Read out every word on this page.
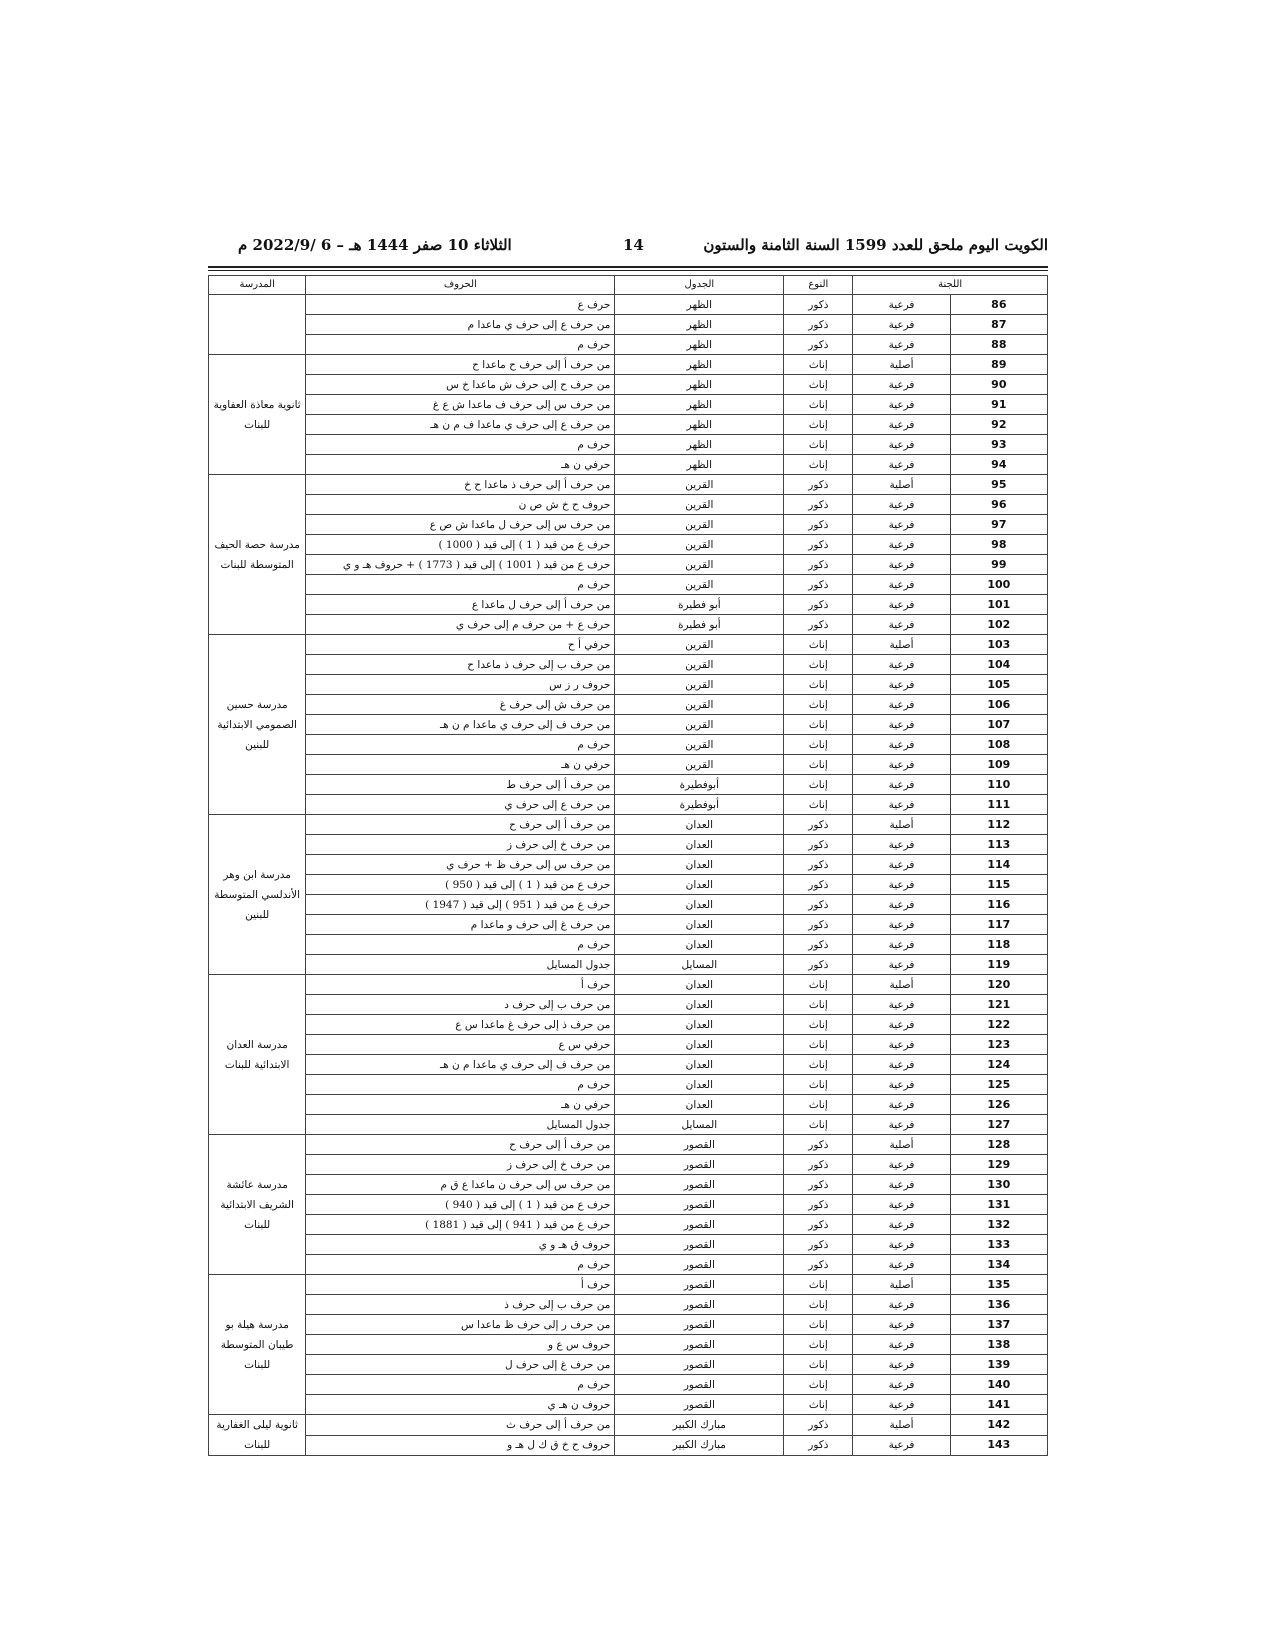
الكويت اليوم ملحق للعدد 1599 السنة الثامنة والستون
14
الثلاثاء 10 صفر 1444 هـ – 6 /2022/9 م
اللجنة		النوع	الجدول	الحروف	المدرسة
86	فرعية	ذكور	الظهر	حرف ع	
87	فرعية	ذكور	الظهر	من حرف ع إلى حرف ي ماعدا م	
88	فرعية	ذكور	الظهر	حرف م	
89	أصلية	إناث	الظهر	من حرف أ إلى حرف ح ماعدا ح	ثانوية معاذة العفاوية للبنات
90	فرعية	إناث	الظهر	من حرف ح إلى حرف ش ماعدا خ س	
91	فرعية	إناث	الظهر	من حرف س إلى حرف ف ماعدا ش ع غ	
92	فرعية	إناث	الظهر	من حرف ع إلى حرف ي ماعدا ف م ن هـ	
93	فرعية	إناث	الظهر	حرف م	
94	فرعية	إناث	الظهر	حرفي ن هـ	
95	أصلية	ذكور	القرين	من حرف أ إلى حرف ذ ماعدا ح خ	مدرسة حصة الحيف المتوسطة للبنات
96	فرعية	ذكور	القرين	حروف ح خ ش ص ن	
97	فرعية	ذكور	القرين	من حرف س إلى حرف ل ماعدا ش ص ع	
98	فرعية	ذكور	القرين	حرف ع من قيد ( 1 ) إلى قيد ( 1000 )	
99	فرعية	ذكور	القرين	حرف ع من قيد ( 1001 ) إلى قيد ( 1773 ) + حروف هـ و ي	
100	فرعية	ذكور	القرين	حرف م	
101	فرعية	ذكور	أبو فطيرة	من حرف أ إلى حرف ل ماعدا ع	
102	فرعية	ذكور	أبو فطيرة	حرف ع + من حرف م إلى حرف ي	
103	أصلية	إناث	القرين	حرفي أ ح	مدرسة حسين الصمومي الابتدائية للبنين
104	فرعية	إناث	القرين	من حرف ب إلى حرف ذ ماعدا ح	
105	فرعية	إناث	القرين	حروف ر ز س	
106	فرعية	إناث	القرين	من حرف ش إلى حرف غ	
107	فرعية	إناث	القرين	من حرف ف إلى حرف ي ماعدا م ن هـ	
108	فرعية	إناث	القرين	حرف م	
109	فرعية	إناث	القرين	حرفي ن هـ	
110	فرعية	إناث	أبوفطيرة	من حرف أ إلى حرف ط	
111	فرعية	إناث	أبوفطيرة	من حرف ع إلى حرف ي	
112	أصلية	ذكور	العدان	من حرف أ إلى حرف ح	مدرسة ابن وهر الأندلسي المتوسطة للبنين
113	فرعية	ذكور	العدان	من حرف خ إلى حرف ز	
114	فرعية	ذكور	العدان	من حرف س إلى حرف ظ + حرف ي	
115	فرعية	ذكور	العدان	حرف ع من قيد ( 1 ) إلى قيد ( 950 )	
116	فرعية	ذكور	العدان	حرف ع من قيد ( 951 ) إلى قيد ( 1947 )	
117	فرعية	ذكور	العدان	من حرف غ إلى حرف و ماعدا م	
118	فرعية	ذكور	العدان	حرف م	
119	فرعية	ذكور	المسايل	جدول المسايل	
120	أصلية	إناث	العدان	حرف أ	مدرسة العدان الابتدائية للبنات
121	فرعية	إناث	العدان	من حرف ب إلى حرف د	
122	فرعية	إناث	العدان	من حرف ذ إلى حرف غ ماعدا س ع	
123	فرعية	إناث	العدان	حرفي س ع	
124	فرعية	إناث	العدان	من حرف ف إلى حرف ي ماعدا م ن هـ	
125	فرعية	إناث	العدان	حرف م	
126	فرعية	إناث	العدان	حرفي ن هـ	
127	فرعية	إناث	المسايل	جدول المسايل	
128	أصلية	ذكور	القصور	من حرف أ إلى حرف ح	مدرسة عائشة الشريف الابتدائية للبنات
129	فرعية	ذكور	القصور	من حرف خ إلى حرف ز	
130	فرعية	ذكور	القصور	من حرف س إلى حرف ن ماعدا ع ق م	
131	فرعية	ذكور	القصور	حرف ع من قيد ( 1 ) إلى قيد ( 940 )	
132	فرعية	ذكور	القصور	حرف ع من قيد ( 941 ) إلى قيد ( 1881 )	
133	فرعية	ذكور	القصور	حروف ق هـ و ي	
134	فرعية	ذكور	القصور	حرف م	
135	أصلية	إناث	القصور	حرف أ	مدرسة هيلة بو طيبان المتوسطة للبنات
136	فرعية	إناث	القصور	من حرف ب إلى حرف ذ	
137	فرعية	إناث	القصور	من حرف ر إلى حرف ظ ماعدا س	
138	فرعية	إناث	القصور	حروف س ع و	
139	فرعية	إناث	القصور	من حرف غ إلى حرف ل	
140	فرعية	إناث	القصور	حرف م	
141	فرعية	إناث	القصور	حروف ن هـ ي	
142	أصلية	ذكور	مبارك الكبير	من حرف أ إلى حرف ث	ثانوية ليلى الغفارية للبنات
143	فرعية	ذكور	مبارك الكبير	حروف ح خ ق ك ل هـ و	
